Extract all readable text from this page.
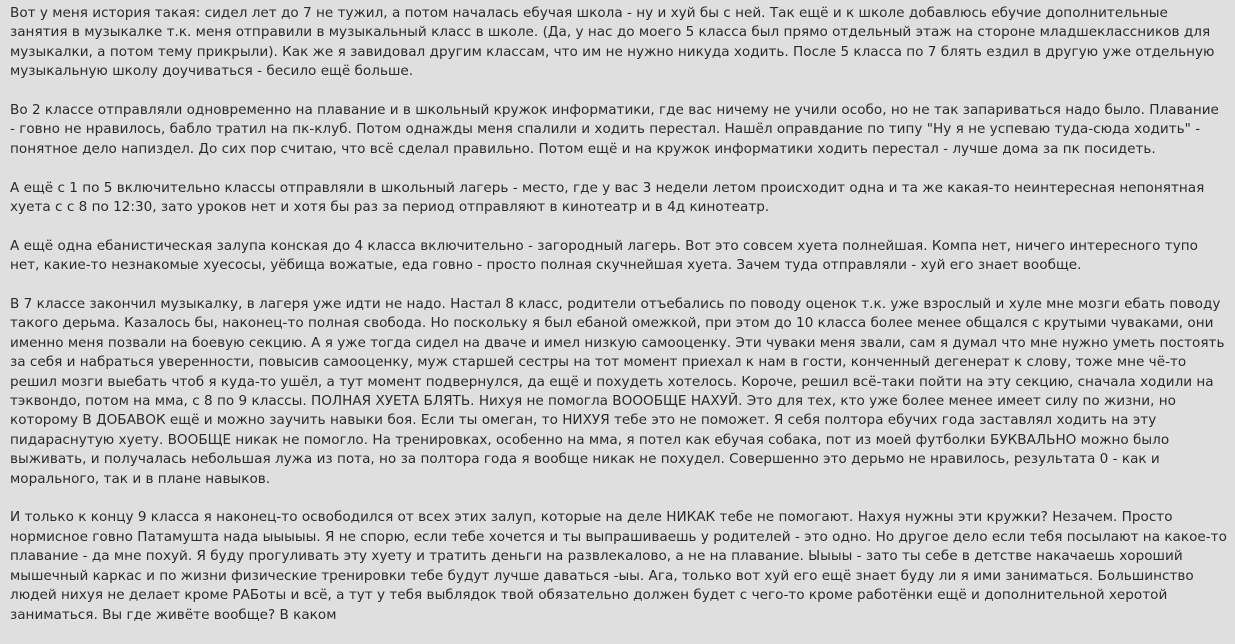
Вот у меня история такая: сидел лет до 7 не тужил, а потом началась ебучая школа - ну и хуй бы с ней. Так ещё и к школе добавлюсь ебучие дополнительные занятия в музыкалке т.к. меня отправили в музыкальный класс в школе. (Да, у нас до моего 5 класса был прямо отдельный этаж на стороне младшеклассников для музыкалки, а потом тему прикрыли). Как же я завидовал другим классам, что им не нужно никуда ходить. После 5 класса по 7 блять ездил в другую уже отдельную музыкальную школу доучиваться - бесило ещё больше.

Во 2 классе отправляли одновременно на плавание и в школьный кружок информатики, где вас ничему не учили особо, но не так запариваться надо было. Плавание - говно не нравилось, бабло тратил на пк-клуб. Потом однажды меня спалили и ходить перестал. Нашёл оправдание по типу "Ну я не успеваю туда-сюда ходить" - понятное дело напиздел. До сих пор считаю, что всё сделал правильно. Потом ещё и на кружок информатики ходить перестал - лучше дома за пк посидеть.

А ещё с 1 по 5 включительно классы отправляли в школьный лагерь - место, где у вас 3 недели летом происходит одна и та же какая-то неинтересная непонятная хуета с с 8 по 12:30, зато уроков нет и хотя бы раз за период отправляют в кинотеатр и в 4д кинотеатр.

А ещё одна ебанистическая залупа конская до 4 класса включительно - загородный лагерь. Вот это совсем хуета полнейшая. Компа нет, ничего интересного тупо нет, какие-то незнакомые хуесосы, уёбища вожатые, еда говно - просто полная скучнейшая хуета. Зачем туда отправляли - хуй его знает вообще.

В 7 классе закончил музыкалку, в лагеря уже идти не надо. Настал 8 класс, родители отъебались по поводу оценок т.к. уже взрослый и хуле мне мозги ебать поводу такого дерьма. Казалось бы, наконец-то полная свобода. Но поскольку я был ебаной омежкой, при этом до 10 класса более менее общался с крутыми чуваками, они именно меня позвали на боевую секцию. А я уже тогда сидел на дваче и имел низкую самооценку. Эти чуваки меня звали, сам я думал что мне нужно уметь постоять за себя и набраться уверенности, повысив самооценку, муж старшей сестры на тот момент приехал к нам в гости, конченный дегенерат к слову, тоже мне чё-то решил мозги выебать чтоб я куда-то ушёл, а тут момент подвернулся, да ещё и похудеть хотелось. Короче, решил всё-таки пойти на эту секцию, сначала ходили на тэквондо, потом на мма, с 8 по 9 классы. ПОЛНАЯ ХУЕТА БЛЯТЬ. Нихуя не помогла ВОООБЩЕ НАХУЙ. Это для тех, кто уже более менее имеет силу по жизни, но которому В ДОБАВОК ещё и можно заучить навыки боя. Если ты омеган, то НИХУЯ тебе это не поможет. Я себя полтора ебучих года заставлял ходить на эту пидараснутую хуету. ВООБЩЕ никак не помогло. На тренировках, особенно на мма, я потел как ебучая собака, пот из моей футболки БУКВАЛЬНО можно было выживать, и получалась небольшая лужа из пота, но за полтора года я вообще никак не похудел. Совершенно это дерьмо не нравилось, результата 0 - как и морального, так и в плане навыков.

И только к концу 9 класса я наконец-то освободился от всех этих залуп, которые на деле НИКАК тебе не помогают. Нахуя нужны эти кружки? Незачем. Просто нормисное говно Патамушта нада ыыыыы. Я не спорю, если тебе хочется и ты выпрашиваешь у родителей - это одно. Но другое дело если тебя посылают на какое-то плавание - да мне похуй. Я буду прогуливать эту хуету и тратить деньги на развлекалово, а не на плавание. Ыыыы - зато ты себе в детстве накачаешь хороший мышечный каркас и по жизни физические тренировки тебе будут лучше даваться -ыы. Ага, только вот хуй его ещё знает буду ли я ими заниматься. Большинство людей нихуя не делает кроме РАБоты и всё, а тут у тебя выблядок твой обязательно должен будет с чего-то кроме работёнки ещё и дополнительной херотой заниматься. Вы где живёте вообще? В каком
